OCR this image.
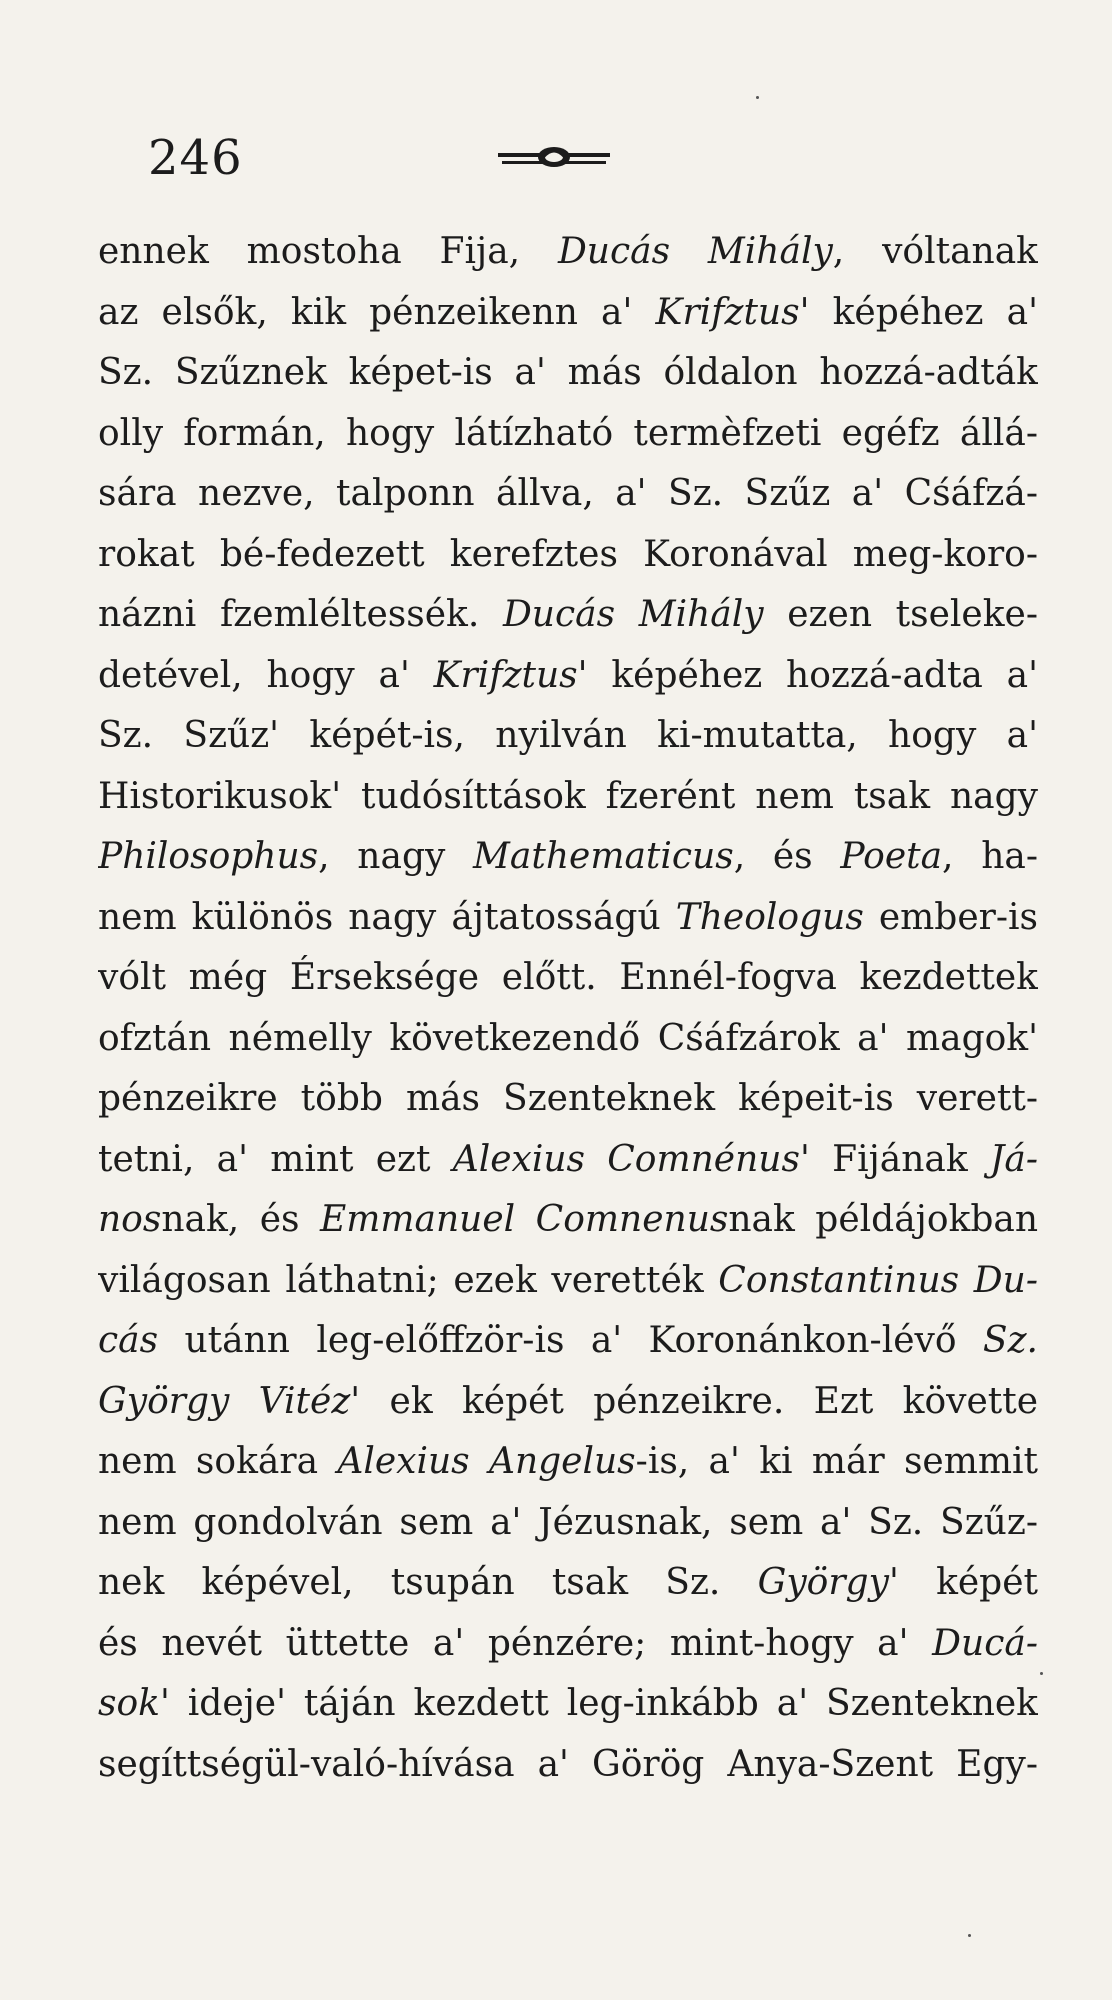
246
ennek mostoha Fija, Ducás Mihály, vóltanak
az elsők, kik pénzeikenn a' Krifztus' képéhez a'
Sz. Szűznek képet-is a' más óldalon hozzá-adták
olly formán, hogy látízható termèfzeti egéfz állá-
sára nezve, talponn állva, a' Sz. Szűz a' Cśáfzá-
rokat bé-fedezett kerefztes Koronával meg-koro-
názni fzemléltessék. Ducás Mihály ezen tseleke-
detével, hogy a' Krifztus' képéhez hozzá-adta a'
Sz. Szűz' képét-is, nyilván ki-mutatta, hogy a'
Historikusok' tudósíttások fzerént nem tsak nagy
Philosophus, nagy Mathematicus, és Poeta, ha-
nem különös nagy ájtatosságú Theologus ember-is
vólt még Érseksége előtt. Ennél-fogva kezdettek
ofztán némelly következendő Cśáfzárok a' magok'
pénzeikre több más Szenteknek képeit-is verett-
tetni, a' mint ezt Alexius Comnénus' Fijának Já-
nosnak, és Emmanuel Comnenusnak példájokban
világosan láthatni; ezek verették Constantinus Du-
cás utánn leg-előffzör-is a' Koronánkon-lévő Sz.
György Vitéz' ek képét pénzeikre. Ezt követte
nem sokára Alexius Angelus-is, a' ki már semmit
nem gondolván sem a' Jézusnak, sem a' Sz. Szűz-
nek képével, tsupán tsak Sz. György' képét
és nevét üttette a' pénzére; mint-hogy a' Ducá-
sok' ideje' táján kezdett leg-inkább a' Szenteknek
segíttségül-való-hívása a' Görög Anya-Szent Egy-
